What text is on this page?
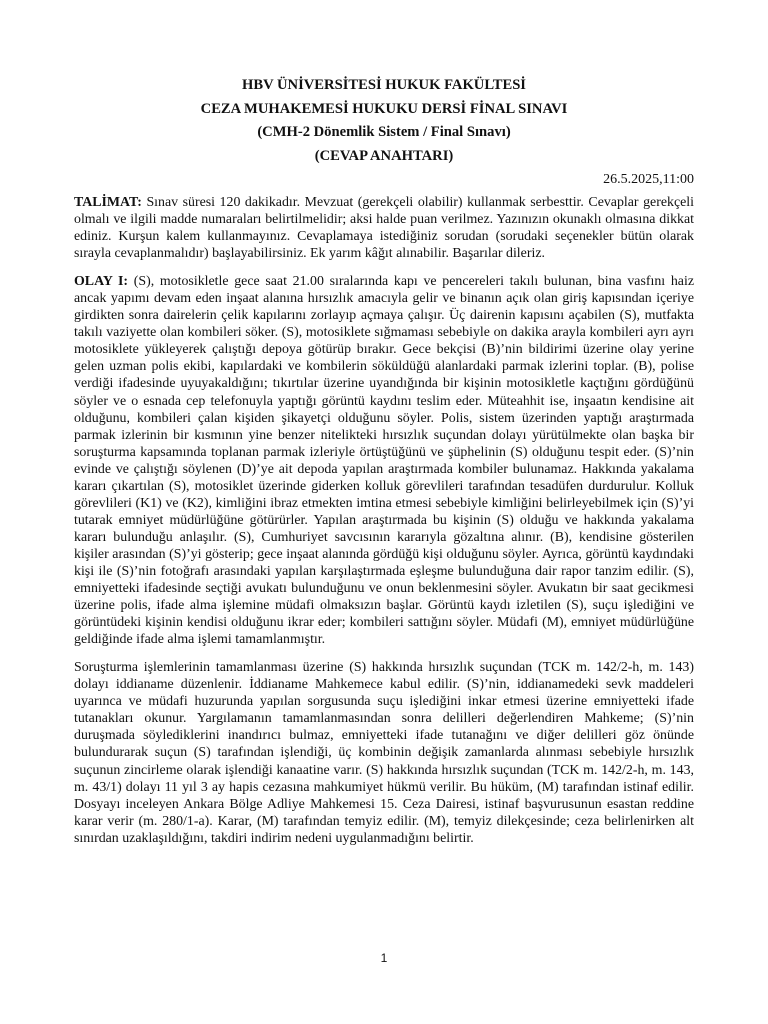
HBV ÜNİVERSİTESİ HUKUK FAKÜLTESİ
CEZA MUHAKEMESİ HUKUKU DERSİ FİNAL SINAVI
(CMH-2 Dönemlik Sistem / Final Sınavı)
(CEVAP ANAHTARI)
26.5.2025,11:00

TALİMAT: Sınav süresi 120 dakikadır. Mevzuat (gerekçeli olabilir) kullanmak serbesttir. Cevaplar gerekçeli olmalı ve ilgili madde numaraları belirtilmelidir; aksi halde puan verilmez. Yazınızın okunaklı olmasına dikkat ediniz. Kurşun kalem kullanmayınız. Cevaplamaya istediğiniz sorudan (sorudaki seçenekler bütün olarak sırayla cevaplanmalıdır) başlayabilirsiniz. Ek yarım kâğıt alınabilir. Başarılar dileriz.

OLAY I: (S), motosikletle gece saat 21.00 sıralarında kapı ve pencereleri takılı bulunan, bina vasfını haiz ancak yapımı devam eden inşaat alanına hırsızlık amacıyla gelir ve binanın açık olan giriş kapısından içeriye girdikten sonra dairelerin çelik kapılarını zorlayıp açmaya çalışır. Üç dairenin kapısını açabilen (S), mutfakta takılı vaziyette olan kombileri söker. (S), motosiklete sığmaması sebebiyle on dakika arayla kombileri ayrı ayrı motosiklete yükleyerek çalıştığı depoya götürüp bırakır. Gece bekçisi (B)’nin bildirimi üzerine olay yerine gelen uzman polis ekibi, kapılardaki ve kombilerin söküldüğü alanlardaki parmak izlerini toplar. (B), polise verdiği ifadesinde uyuyakaldığını; tıkırtılar üzerine uyandığında bir kişinin motosikletle kaçtığını gördüğünü söyler ve o esnada cep telefonuyla yaptığı görüntü kaydını teslim eder. Müteahhit ise, inşaatın kendisine ait olduğunu, kombileri çalan kişiden şikayetçi olduğunu söyler. Polis, sistem üzerinden yaptığı araştırmada parmak izlerinin bir kısmının yine benzer nitelikteki hırsızlık suçundan dolayı yürütülmekte olan başka bir soruşturma kapsamında toplanan parmak izleriyle örtüştüğünü ve şüphelinin (S) olduğunu tespit eder. (S)’nin evinde ve çalıştığı söylenen (D)’ye ait depoda yapılan araştırmada kombiler bulunamaz. Hakkında yakalama kararı çıkartılan (S), motosiklet üzerinde giderken kolluk görevlileri tarafından tesadüfen durdurulur. Kolluk görevlileri (K1) ve (K2), kimliğini ibraz etmekten imtina etmesi sebebiyle kimliğini belirleyebilmek için (S)’yi tutarak emniyet müdürlüğüne götürürler. Yapılan araştırmada bu kişinin (S) olduğu ve hakkında yakalama kararı bulunduğu anlaşılır. (S), Cumhuriyet savcısının kararıyla gözaltına alınır. (B), kendisine gösterilen kişiler arasından (S)’yi gösterip; gece inşaat alanında gördüğü kişi olduğunu söyler. Ayrıca, görüntü kaydındaki kişi ile (S)’nin fotoğrafı arasındaki yapılan karşılaştırmada eşleşme bulunduğuna dair rapor tanzim edilir. (S), emniyetteki ifadesinde seçtiği avukatı bulunduğunu ve onun beklenmesini söyler. Avukatın bir saat gecikmesi üzerine polis, ifade alma işlemine müdafi olmaksızın başlar. Görüntü kaydı izletilen (S), suçu işlediğini ve görüntüdeki kişinin kendisi olduğunu ikrar eder; kombileri sattığını söyler. Müdafi (M), emniyet müdürlüğüne geldiğinde ifade alma işlemi tamamlanmıştır.

Soruşturma işlemlerinin tamamlanması üzerine (S) hakkında hırsızlık suçundan (TCK m. 142/2-h, m. 143) dolayı iddianame düzenlenir. İddianame Mahkemece kabul edilir. (S)’nin, iddianamedeki sevk maddeleri uyarınca ve müdafi huzurunda yapılan sorgusunda suçu işlediğini inkar etmesi üzerine emniyetteki ifade tutanakları okunur. Yargılamanın tamamlanmasından sonra delilleri değerlendiren Mahkeme; (S)’nin duruşmada söylediklerini inandırıcı bulmaz, emniyetteki ifade tutanağını ve diğer delilleri göz önünde bulundurarak suçun (S) tarafından işlendiği, üç kombinin değişik zamanlarda alınması sebebiyle hırsızlık suçunun zincirleme olarak işlendiği kanaatine varır. (S) hakkında hırsızlık suçundan (TCK m. 142/2-h, m. 143, m. 43/1) dolayı 11 yıl 3 ay hapis cezasına mahkumiyet hükmü verilir. Bu hüküm, (M) tarafından istinaf edilir. Dosyayı inceleyen Ankara Bölge Adliye Mahkemesi 15. Ceza Dairesi, istinaf başvurusunun esastan reddine karar verir (m. 280/1-a). Karar, (M) tarafından temyiz edilir. (M), temyiz dilekçesinde; ceza belirlenirken alt sınırdan uzaklaşıldığını, takdiri indirim nedeni uygulanmadığını belirtir.

1
